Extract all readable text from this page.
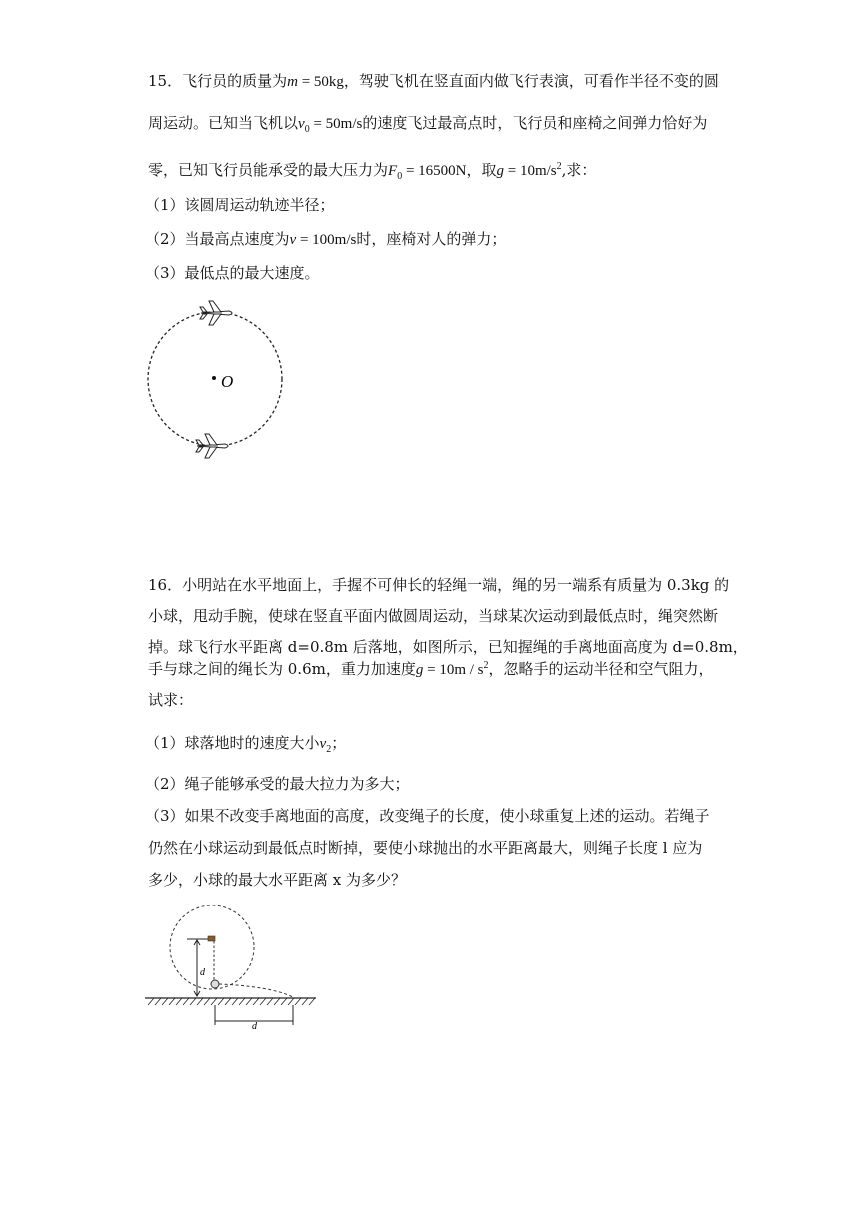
15．飞行员的质量为m = 50kg，驾驶飞机在竖直面内做飞行表演，可看作半径不变的圆
周运动。已知当飞机以$v_0 = 50m/s$的速度飞过最高点时，飞行员和座椅之间弹力恰好为
零，已知飞行员能承受的最大压力为$F_0 = 16500N$，取$g = 10m/s^2$,求：
（1）该圆周运动轨迹半径；
（2）当最高点速度为v = 100m/s时，座椅对人的弹力；
（3）最低点的最大速度。
O
16．小明站在水平地面上，手握不可伸长的轻绳一端，绳的另一端系有质量为 0.3kg 的
小球，甩动手腕，使球在竖直平面内做圆周运动，当球某次运动到最低点时，绳突然断
掉。球飞行水平距离 d=0.8m 后落地，如图所示，已知握绳的手离地面高度为 d=0.8m，
手与球之间的绳长为 0.6m，重力加速度$g = 10m / s^2$，忽略手的运动半径和空气阻力，
试求：
（1）球落地时的速度大小$v_2$；
（2）绳子能够承受的最大拉力为多大；
（3）如果不改变手离地面的高度，改变绳子的长度，使小球重复上述的运动。若绳子
仍然在小球运动到最低点时断掉，要使小球抛出的水平距离最大，则绳子长度 l 应为
多少，小球的最大水平距离 x 为多少？
d
d
